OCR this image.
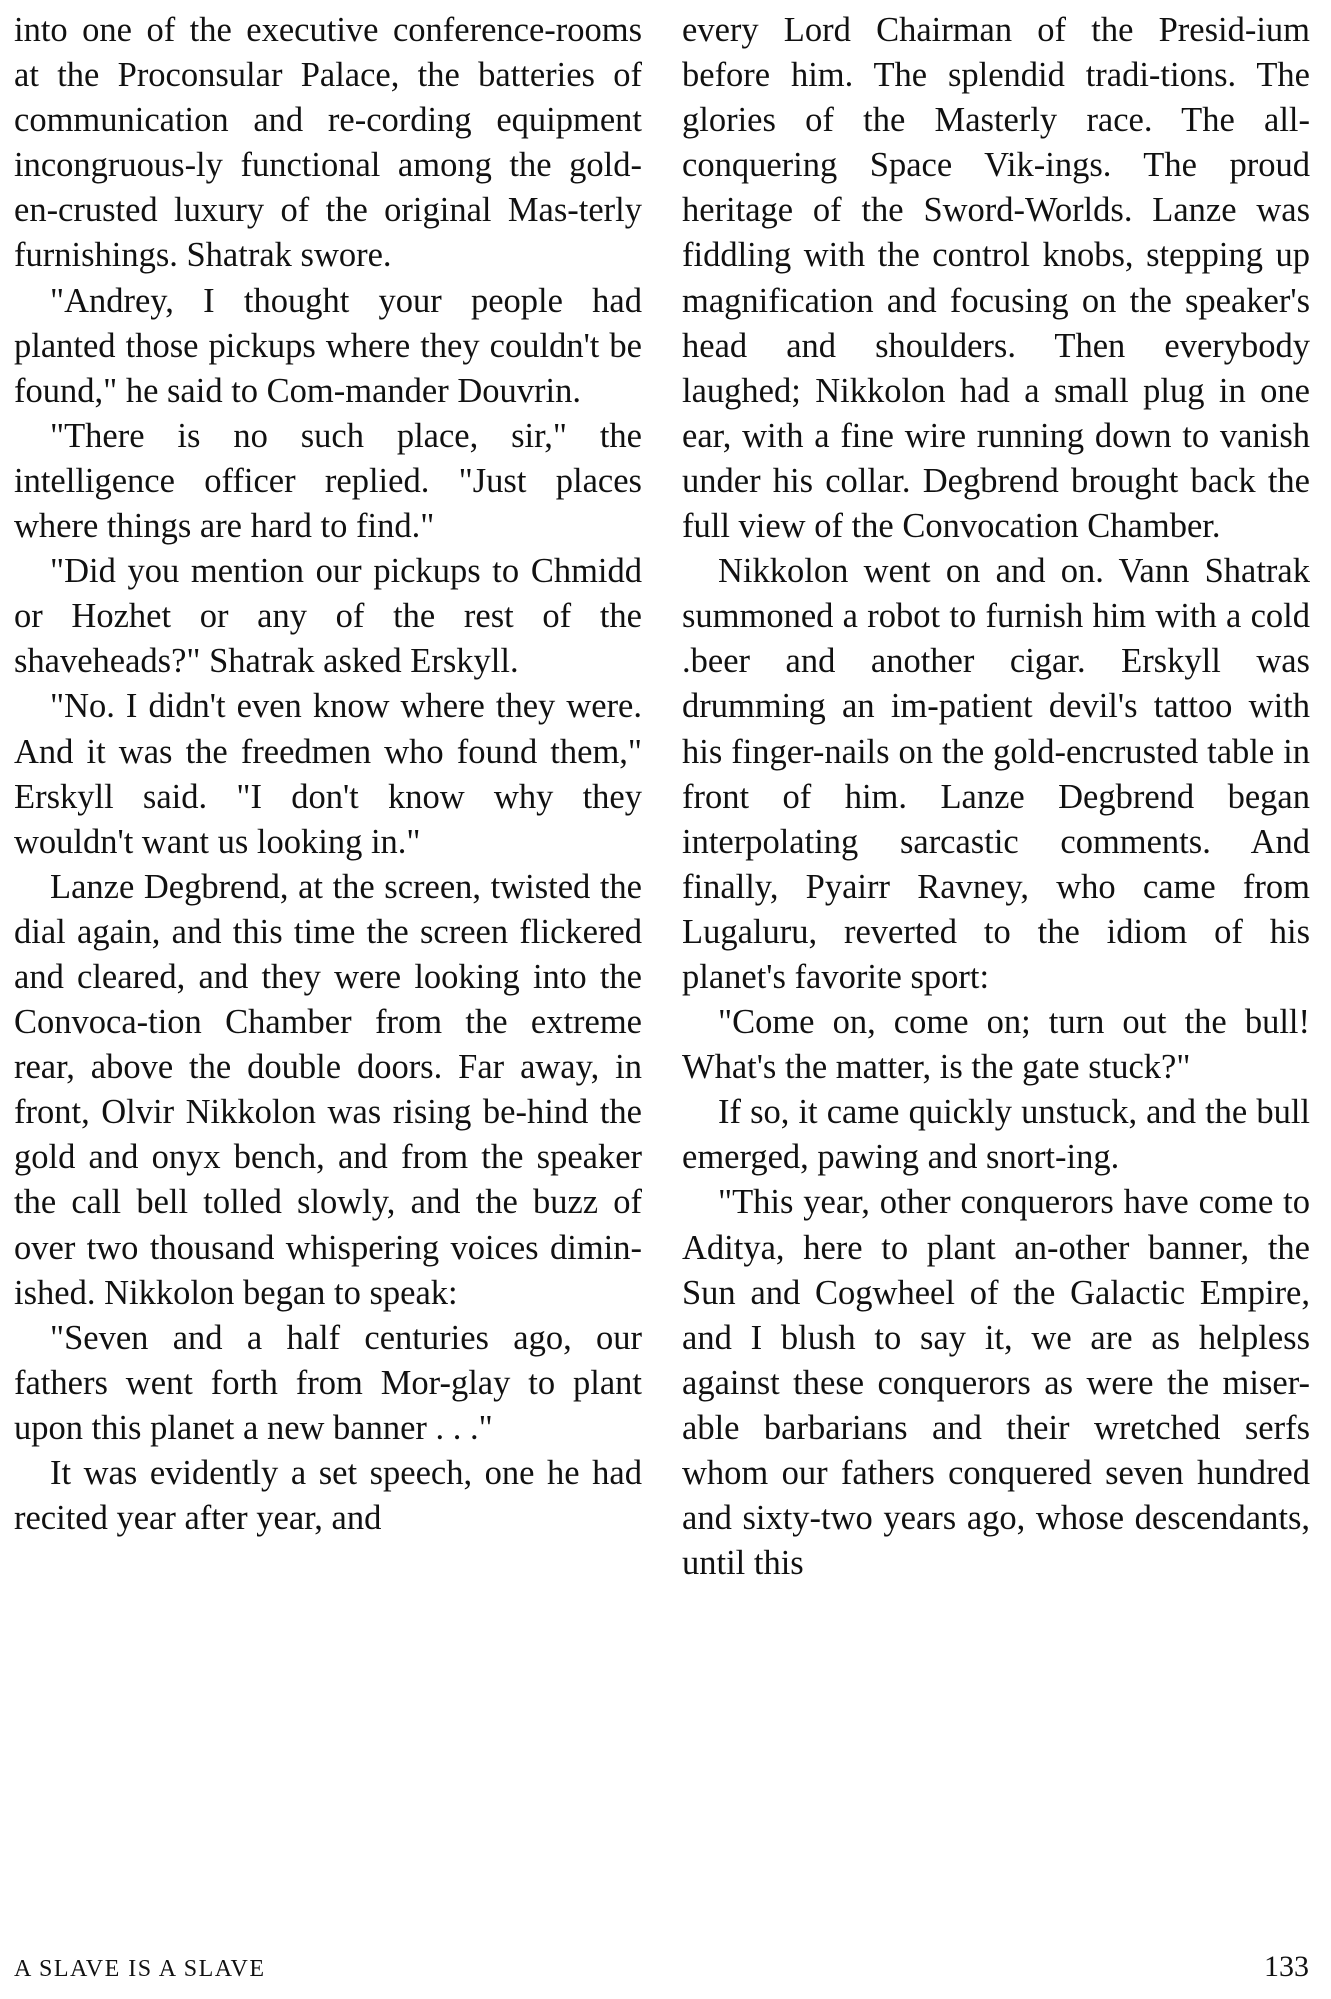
into one of the executive conference-rooms at the Proconsular Palace, the batteries of communication and re-cording equipment incongruous-ly functional among the gold-en-crusted luxury of the original Mas-terly furnishings. Shatrak swore.

"Andrey, I thought your people had planted those pickups where they couldn't be found," he said to Com-mander Douvrin.

"There is no such place, sir," the intelligence officer replied. "Just places where things are hard to find."

"Did you mention our pickups to Chmidd or Hozhet or any of the rest of the shaveheads?" Shatrak asked Erskyll.

"No. I didn't even know where they were. And it was the freedmen who found them," Erskyll said. "I don't know why they wouldn't want us looking in."

Lanze Degbrend, at the screen, twisted the dial again, and this time the screen flickered and cleared, and they were looking into the Convoca-tion Chamber from the extreme rear, above the double doors. Far away, in front, Olvir Nikkolon was rising be-hind the gold and onyx bench, and from the speaker the call bell tolled slowly, and the buzz of over two thousand whispering voices dimin-ished. Nikkolon began to speak:

"Seven and a half centuries ago, our fathers went forth from Mor-glay to plant upon this planet a new banner . . ."

It was evidently a set speech, one he had recited year after year, and

every Lord Chairman of the Presid-ium before him. The splendid tradi-tions. The glories of the Masterly race. The all-conquering Space Vik-ings. The proud heritage of the Sword-Worlds. Lanze was fiddling with the control knobs, stepping up magnification and focusing on the speaker's head and shoulders. Then everybody laughed; Nikkolon had a small plug in one ear, with a fine wire running down to vanish under his collar. Degbrend brought back the full view of the Convocation Chamber.

Nikkolon went on and on. Vann Shatrak summoned a robot to furnish him with a cold .beer and another cigar. Erskyll was drumming an im-patient devil's tattoo with his finger-nails on the gold-encrusted table in front of him. Lanze Degbrend began interpolating sarcastic comments. And finally, Pyairr Ravney, who came from Lugaluru, reverted to the idiom of his planet's favorite sport:

"Come on, come on; turn out the bull! What's the matter, is the gate stuck?"

If so, it came quickly unstuck, and the bull emerged, pawing and snort-ing.

"This year, other conquerors have come to Aditya, here to plant an-other banner, the Sun and Cogwheel of the Galactic Empire, and I blush to say it, we are as helpless against these conquerors as were the miser-able barbarians and their wretched serfs whom our fathers conquered seven hundred and sixty-two years ago, whose descendants, until this

A SLAVE IS A SLAVE	133
